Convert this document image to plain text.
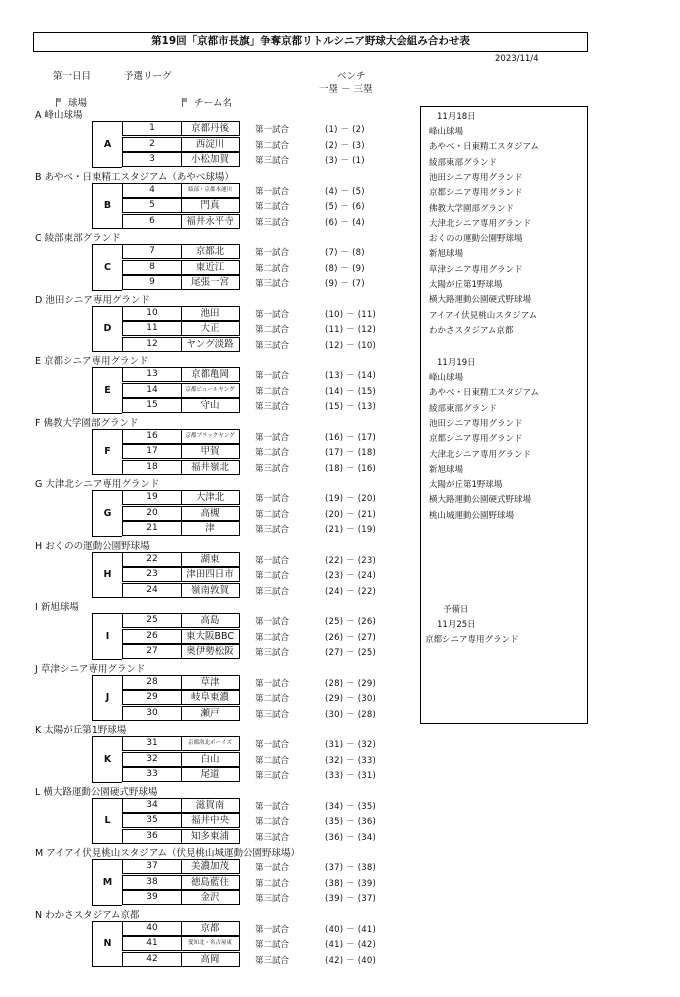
第19回「京都市長旗」争奪京都リトルシニア野球大会組み合わせ表
2023/11/4
第一日目	予選リーグ	ベンチ
一塁 － 三塁
球場	チーム名
A 峰山球場
A
1	京都丹後	第一試合	(1) － (2)
2	西淀川	第二試合	(2) － (3)
3	小松加賀	第三試合	(3) － (1)
B あやべ・日東精工スタジアム（あやべ球場）
B
4	綾部・京都本運川	第一試合	(4) － (5)
5	門真	第二試合	(5) － (6)
6	福井永平寺	第三試合	(6) － (4)
C 綾部東部グランド
C
7	京都北	第一試合	(7) － (8)
8	東近江	第二試合	(8) － (9)
9	尾張一宮	第三試合	(9) － (7)
D 池田シニア専用グランド
D
10	池田	第一試合	(10) － (11)
11	大正	第二試合	(11) － (12)
12	ヤング淡路	第三試合	(12) － (10)
E 京都シニア専用グランド
E
13	京都亀岡	第一試合	(13) － (14)
14	京都ビュールヤング	第二試合	(14) － (15)
15	守山	第三試合	(15) － (13)
F 佛教大学園部グランド
F
16	京都ブラックヤング	第一試合	(16) － (17)
17	甲賀	第二試合	(17) － (18)
18	福井嶺北	第三試合	(18) － (16)
G 大津北シニア専用グランド
G
19	大津北	第一試合	(19) － (20)
20	高槻	第二試合	(20) － (21)
21	津	第三試合	(21) － (19)
H おくのの運動公園野球場
H
22	湖東	第一試合	(22) － (23)
23	津田四日市	第二試合	(23) － (24)
24	嶺南敦賀	第三試合	(24) － (22)
I 新旭球場
I
25	高島	第一試合	(25) － (26)
26	東大阪BBC	第二試合	(26) － (27)
27	奥伊勢松阪	第三試合	(27) － (25)
J 草津シニア専用グランド
J
28	草津	第一試合	(28) － (29)
29	岐阜東濃	第二試合	(29) － (30)
30	瀬戸	第三試合	(30) － (28)
K 太陽が丘第1野球場
K
31	京都洛北ボーイズ	第一試合	(31) － (32)
32	白山	第二試合	(32) － (33)
33	尾道	第三試合	(33) － (31)
L 横大路運動公園硬式野球場
L
34	滋賀南	第一試合	(34) － (35)
35	福井中央	第二試合	(35) － (36)
36	知多東浦	第三試合	(36) － (34)
M アイアイ伏見桃山スタジアム（伏見桃山城運動公園野球場）
M
37	美濃加茂	第一試合	(37) － (38)
38	徳島藍住	第二試合	(38) － (39)
39	金沢	第三試合	(39) － (37)
N わかさスタジアム京都
N
40	京都	第一試合	(40) － (41)
41	愛知北・名古屋東	第二試合	(41) － (42)
42	高岡	第三試合	(42) － (40)
11月18日
峰山球場
あやべ・日東精工スタジアム
綾部東部グランド
池田シニア専用グランド
京都シニア専用グランド
佛教大学園部グランド
大津北シニア専用グランド
おくのの運動公園野球場
新旭球場
草津シニア専用グランド
太陽が丘第1野球場
横大路運動公園硬式野球場
アイアイ伏見桃山スタジアム
わかさスタジアム京都
11月19日
峰山球場
あやべ・日東精工スタジアム
綾部東部グランド
池田シニア専用グランド
京都シニア専用グランド
大津北シニア専用グランド
新旭球場
太陽が丘第1野球場
横大路運動公園硬式野球場
桃山城運動公園野球場
予備日
11月25日
京都シニア専用グランド
